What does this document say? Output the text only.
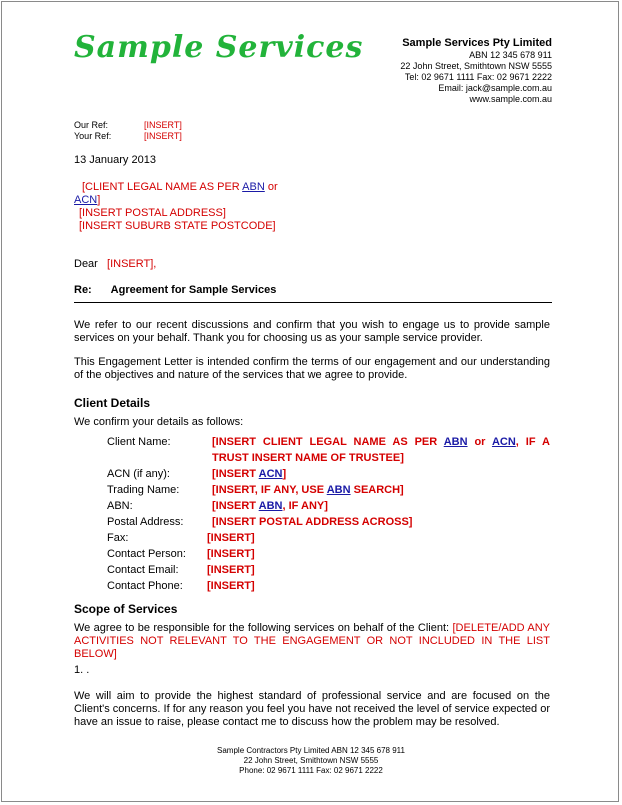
Sample Services	Sample Services Pty Limited
ABN 12 345 678 911
22 John Street, Smithtown NSW 5555
Tel: 02 9671 1111 Fax: 02 9671 2222
Email: jack@sample.com.au
www.sample.com.au
Our Ref:	[INSERT]
Your Ref:	[INSERT]
13 January 2013
[CLIENT LEGAL NAME AS PER ABN or
ACN]
[INSERT POSTAL ADDRESS]
[INSERT SUBURB STATE POSTCODE]
Dear [INSERT],
Re: Agreement for Sample Services
We refer to our recent discussions and confirm that you wish to engage us to provide sample services on your behalf. Thank you for choosing us as your sample service provider.
This Engagement Letter is intended confirm the terms of our engagement and our understanding of the objectives and nature of the services that we agree to provide.
Client Details
We confirm your details as follows:
Client Name:	[INSERT CLIENT LEGAL NAME AS PER ABN or ACN, IF A TRUST INSERT NAME OF TRUSTEE]
ACN (if any):	[INSERT ACN]
Trading Name:	[INSERT, IF ANY, USE ABN SEARCH]
ABN:	[INSERT ABN, IF ANY]
Postal Address:	[INSERT POSTAL ADDRESS ACROSS]
Fax:	[INSERT]
Contact Person:	[INSERT]
Contact Email:	[INSERT]
Contact Phone:	[INSERT]
Scope of Services
We agree to be responsible for the following services on behalf of the Client: [DELETE/ADD ANY ACTIVITIES NOT RELEVANT TO THE ENGAGEMENT OR NOT INCLUDED IN THE LIST BELOW]
1. .
We will aim to provide the highest standard of professional service and are focused on the Client's concerns. If for any reason you feel you have not received the level of service expected or have an issue to raise, please contact me to discuss how the problem may be resolved.
Sample Contractors Pty Limited ABN 12 345 678 911
22 John Street, Smithtown NSW 5555
Phone: 02 9671 1111 Fax: 02 9671 2222
